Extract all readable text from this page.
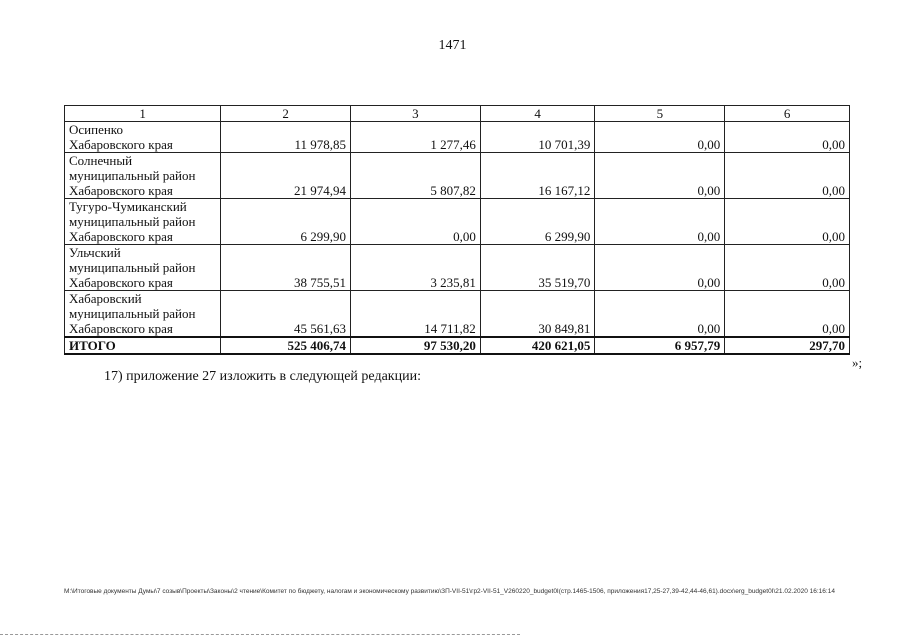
1471
1	2	3	4	5	6
Осипенко
Хабаровского края	11 978,85	1 277,46	10 701,39	0,00	0,00
Солнечный
муниципальный район
Хабаровского края	21 974,94	5 807,82	16 167,12	0,00	0,00
Тугуро-Чумиканский
муниципальный район
Хабаровского края	6 299,90	0,00	6 299,90	0,00	0,00
Ульчский
муниципальный район
Хабаровского края	38 755,51	3 235,81	35 519,70	0,00	0,00
Хабаровский
муниципальный район
Хабаровского края	45 561,63	14 711,82	30 849,81	0,00	0,00
ИТОГО	525 406,74	97 530,20	420 621,05	6 957,79	297,70
»;
17) приложение 27 изложить в следующей редакции:
M:\Итоговые документы Думы\7 созыв\Проекты\Законы\2 чтение\Комитет по бюджету, налогам и экономическому развитию\ЗП-VII-51\гр2-VII-51_V260220_budget0I(стр.1465-1506, приложения17,25-27,39-42,44-46,61).docx\erg_budget0I\21.02.2020 16:16:14
